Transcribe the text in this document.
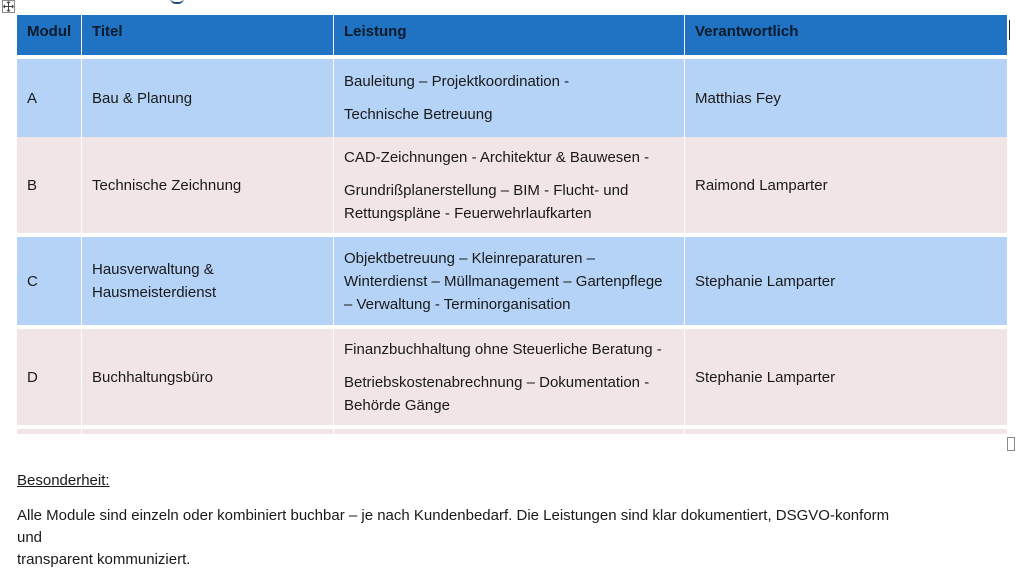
Modul	Titel	Leistung	Verantwortlich
A	Bau & Planung	Bauleitung – Projektkoordination -
Technische Betreuung	Matthias Fey
B	Technische Zeichnung	CAD-Zeichnungen - Architektur & Bauwesen -
Grundrißplanerstellung – BIM - Flucht- und
Rettungspläne - Feuerwehrlaufkarten	Raimond Lamparter

C	Hausverwaltung &
Hausmeisterdienst	Objektbetreuung – Kleinreparaturen –
Winterdienst – Müllmanagement – Gartenpflege
– Verwaltung - Terminorganisation	Stephanie Lamparter

D	Buchhaltungsbüro	Finanzbuchhaltung ohne Steuerliche Beratung -
Betriebskostenabrechnung – Dokumentation -
Behörde Gänge	Stephanie Lamparter

Besonderheit:
Alle Module sind einzeln oder kombiniert buchbar – je nach Kundenbedarf. Die Leistungen sind klar dokumentiert, DSGVO-konform und
transparent kommuniziert.
